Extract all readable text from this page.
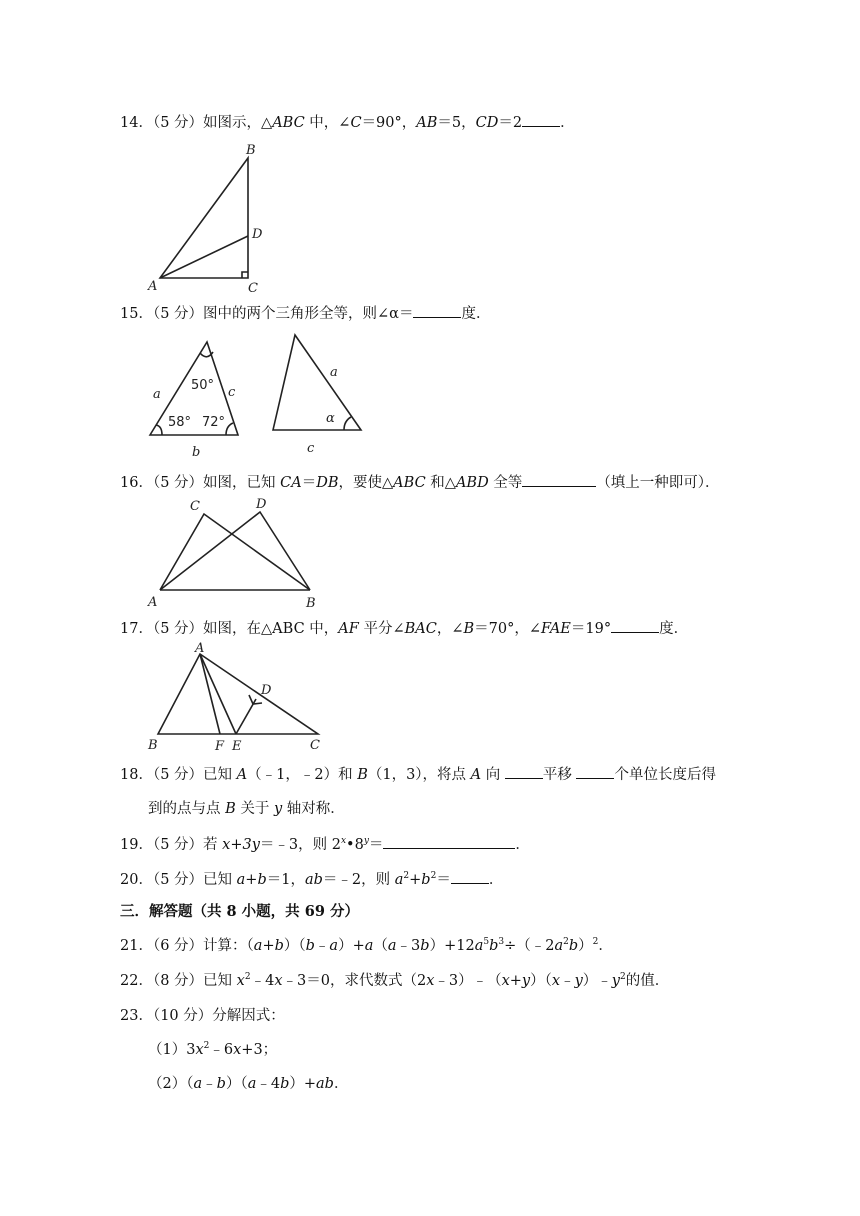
14．（5 分）如图示，△ABC 中，∠C＝90°，AB＝5，CD＝2	．
B
D
A	C
15．（5 分）图中的两个三角形全等，则∠α＝	度．
a	c
b
50°
58° 72°
a
α
c
16．（5 分）如图，已知 CA＝DB，要使△ABC 和△ABD 全等	（填上一种即可）．
C	D
A	B
17．（5 分）如图，在△ABC 中，AF 平分∠BAC，∠B＝70°，∠FAE＝19°	度．
A
D
B	F E	C
18．（5 分）已知 A（﹣1，﹣2）和 B（1，3），将点 A 向	平移	个单位长度后得
到的点与点 B 关于 y 轴对称．
19．（5 分）若 x+3y＝﹣3，则 $2^x•8^y=$	．
20．（5 分）已知 a+b＝1，ab＝﹣2，则 $a^2+b^2=$	．
三．解答题（共 8 小题，共 69 分）
21．（6 分）计算：$(a+b)(b﹣a)+a(a﹣3b)+12a^5b^3\div(﹣2a^2b)^2$．
22．（8 分）已知 $x^2﹣4x﹣3=0$，求代数式$(2x﹣3)﹣(x+y)(x﹣y)﹣y^2$的值．
23．（10 分）分解因式：
$(1)3x^2﹣6x+3$；
（2）（a﹣b）（a﹣4b）+ab．
